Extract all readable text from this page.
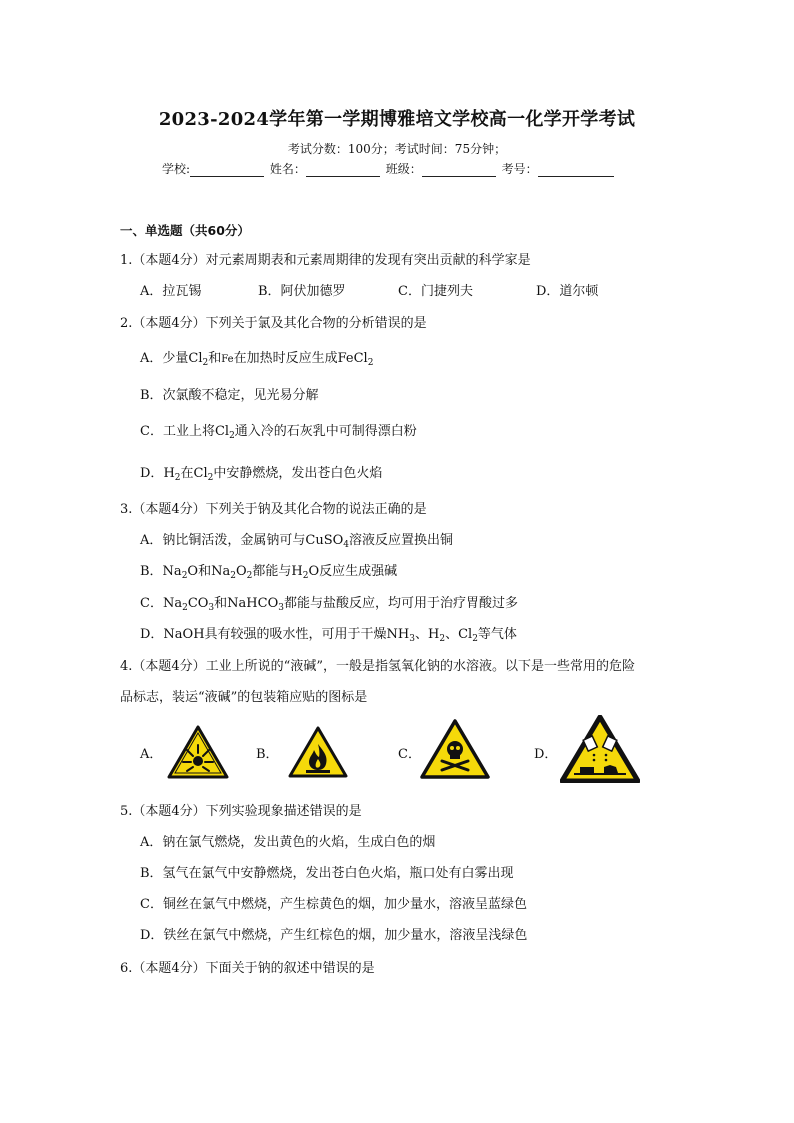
2023-2024学年第一学期博雅培文学校高一化学开学考试
考试分数：100分；考试时间：75分钟；
学校:	姓名：	班级：	考号：
一、单选题（共60分）
1.（本题4分）对元素周期表和元素周期律的发现有突出贡献的科学家是
A．拉瓦锡	B．阿伏加德罗	C．门捷列夫	D．道尔顿
2.（本题4分）下列关于氯及其化合物的分析错误的是
A．少量$Cl_2$和Fe在加热时反应生成FeCl$_2$
B．次氯酸不稳定，见光易分解
C．工业上将$Cl_2$通入冷的石灰乳中可制得漂白粉
D．$H_2$在$Cl_2$中安静燃烧，发出苍白色火焰
3.（本题4分）下列关于钠及其化合物的说法正确的是
A．钠比铜活泼，金属钠可与CuSO$_4$溶液反应置换出铜
B．$Na_2O$和$Na_2O_2$都能与$H_2O$反应生成强碱
C．$Na_2CO_3$和NaHCO$_3$都能与盐酸反应，均可用于治疗胃酸过多
D．NaOH具有较强的吸水性，可用于干燥$NH_3$、$H_2$、$Cl_2$等气体
4.（本题4分）工业上所说的“液碱”，一般是指氢氧化钠的水溶液。以下是一些常用的危险
品标志，装运“液碱”的包装箱应贴的图标是
A．	B．	C．	D．
5.（本题4分）下列实验现象描述错误的是
A．钠在氯气燃烧，发出黄色的火焰，生成白色的烟
B．氢气在氯气中安静燃烧，发出苍白色火焰，瓶口处有白雾出现
C．铜丝在氯气中燃烧，产生棕黄色的烟，加少量水，溶液呈蓝绿色
D．铁丝在氯气中燃烧，产生红棕色的烟，加少量水，溶液呈浅绿色
6.（本题4分）下面关于钠的叙述中错误的是
